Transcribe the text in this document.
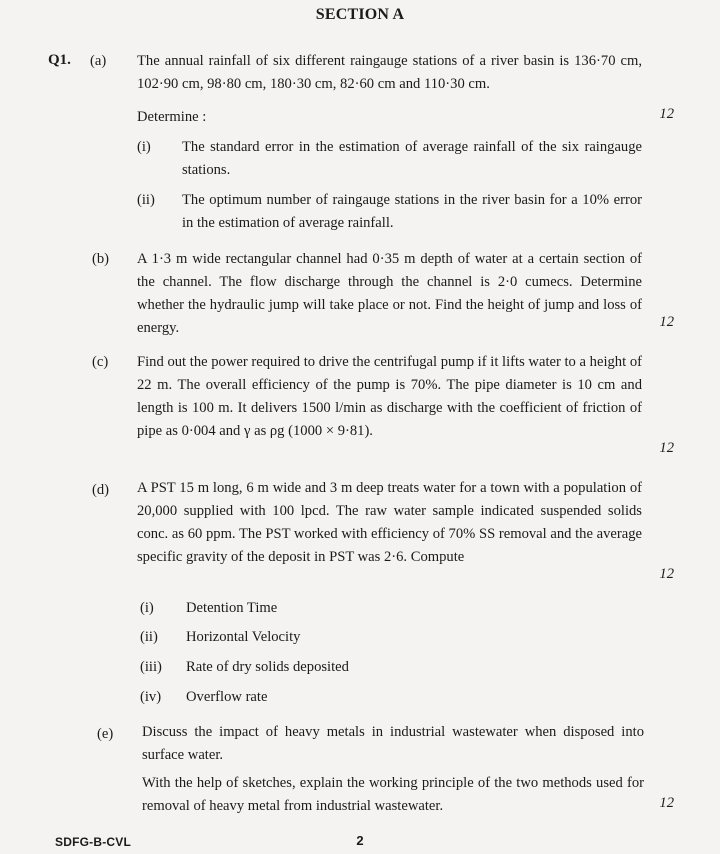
SECTION A
Q1. (a) The annual rainfall of six different raingauge stations of a river basin is 136·70 cm, 102·90 cm, 98·80 cm, 180·30 cm, 82·60 cm and 110·30 cm.
Determine :	12
(i) The standard error in the estimation of average rainfall of the six raingauge stations.
(ii) The optimum number of raingauge stations in the river basin for a 10% error in the estimation of average rainfall.
(b) A 1·3 m wide rectangular channel had 0·35 m depth of water at a certain section of the channel. The flow discharge through the channel is 2·0 cumecs. Determine whether the hydraulic jump will take place or not. Find the height of jump and loss of energy.	12
(c) Find out the power required to drive the centrifugal pump if it lifts water to a height of 22 m. The overall efficiency of the pump is 70%. The pipe diameter is 10 cm and length is 100 m. It delivers 1500 l/min as discharge with the coefficient of friction of pipe as 0·004 and γ as ρg (1000 × 9·81).
12
(d) A PST 15 m long, 6 m wide and 3 m deep treats water for a town with a population of 20,000 supplied with 100 lpcd. The raw water sample indicated suspended solids conc. as 60 ppm. The PST worked with efficiency of 70% SS removal and the average specific gravity of the deposit in PST was 2·6. Compute
12
(i) Detention Time
(ii) Horizontal Velocity
(iii) Rate of dry solids deposited
(iv) Overflow rate
(e) Discuss the impact of heavy metals in industrial wastewater when disposed into surface water.
With the help of sketches, explain the working principle of the two methods used for removal of heavy metal from industrial wastewater.	12
SDFG-B-CVL	2
